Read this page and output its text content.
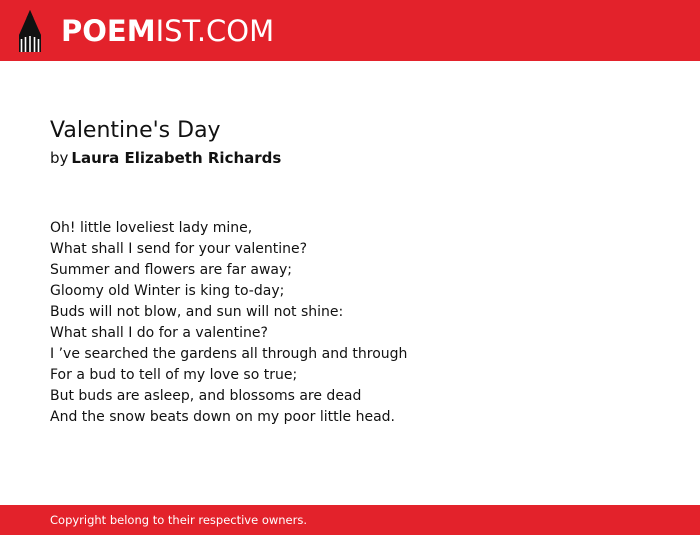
POEMIST.COM
Valentine's Day

by Laura Elizabeth Richards

Oh! little loveliest lady mine,
What shall I send for your valentine?
Summer and flowers are far away;
Gloomy old Winter is king to-day;
Buds will not blow, and sun will not shine:
What shall I do for a valentine?
I ’ve searched the gardens all through and through
For a bud to tell of my love so true;
But buds are asleep, and blossoms are dead
And the snow beats down on my poor little head.
Copyright belong to their respective owners.
